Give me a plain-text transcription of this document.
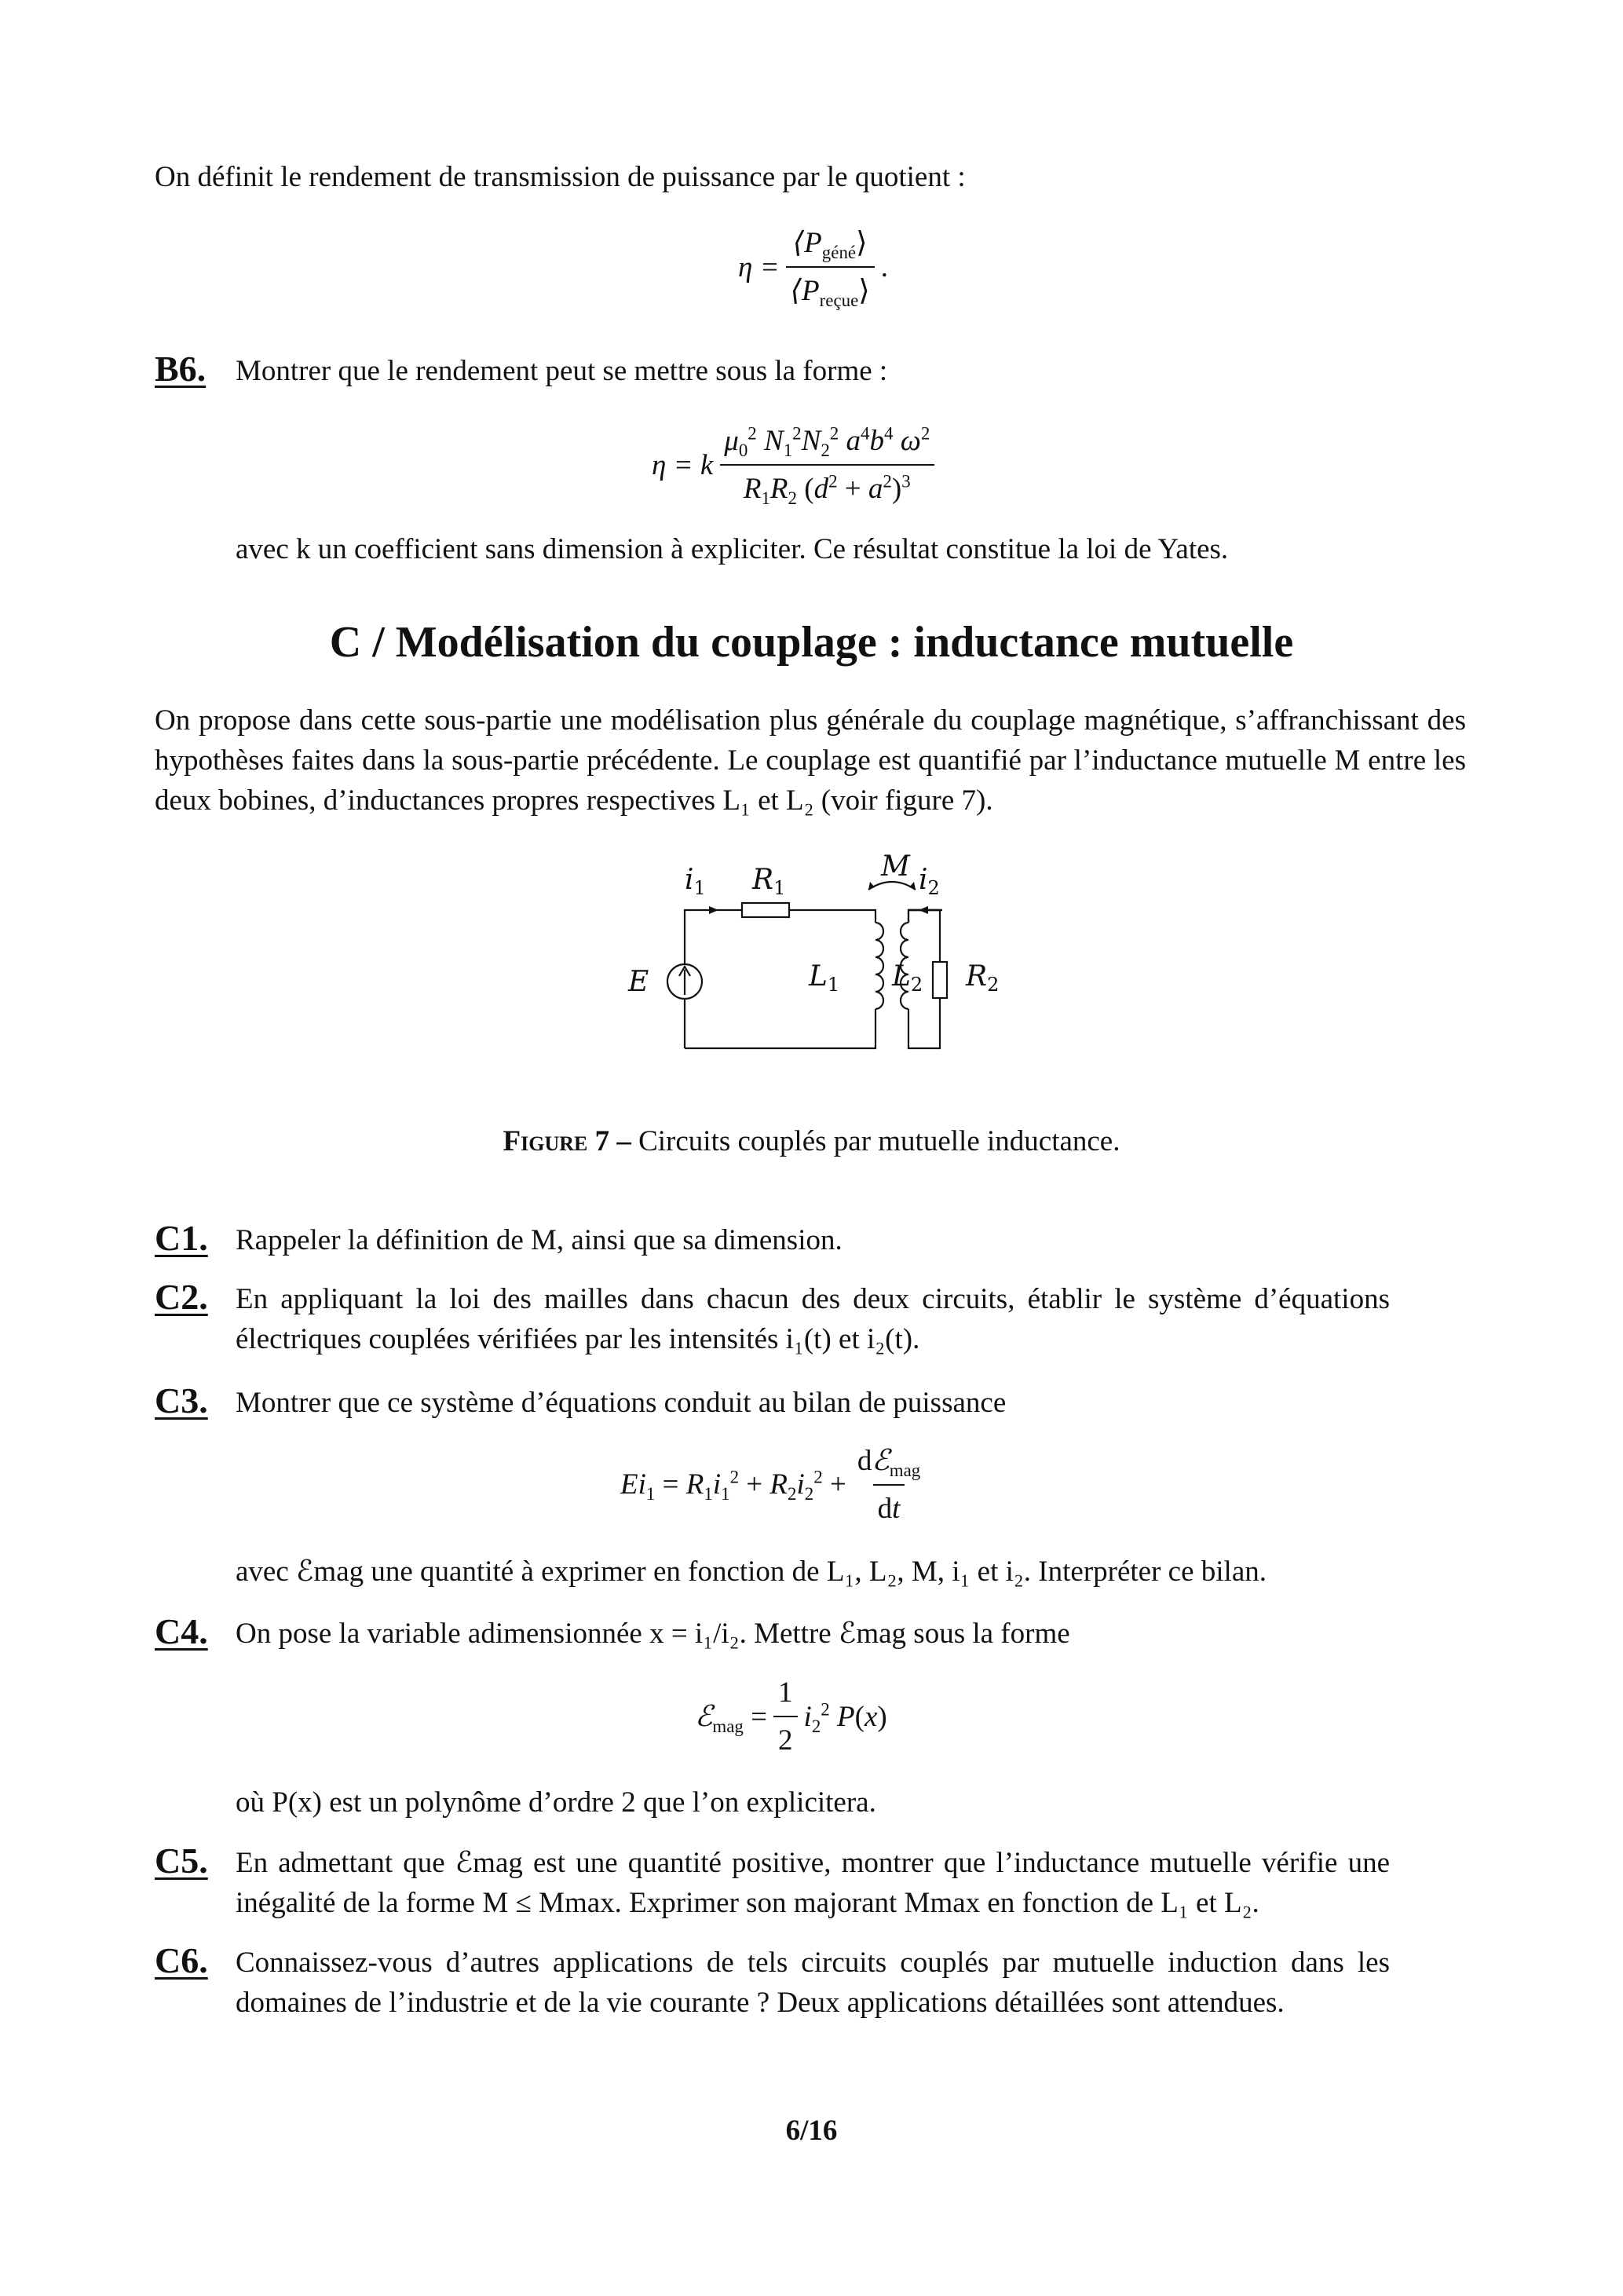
On définit le rendement de transmission de puissance par le quotient :
$\eta = \frac{⟨P_{géné}⟩}{⟨P_{reçue}⟩}$ .
B6. Montrer que le rendement peut se mettre sous la forme :
η = k $\frac{\mu_0^2 N_1^2N_2^2 a^4b^4 \omega^2}{R_1R_2 (d^2 + a^2)^3}$
avec k un coefficient sans dimension à expliciter. Ce résultat constitue la loi de Yates.
C / Modélisation du couplage : inductance mutuelle
On propose dans cette sous-partie une modélisation plus générale du couplage magnétique, s’affranchissant des hypothèses faites dans la sous-partie précédente. Le couplage est quantifié par l’inductance mutuelle M entre les deux bobines, d’inductances propres respectives L₁ et L₂ (voir figure 7).
i1 R1
M i2
E	L1 L2 R2
Figure 7 – Circuits couplés par mutuelle inductance.
C1. Rappeler la définition de M, ainsi que sa dimension.
C2. En appliquant la loi des mailles dans chacun des deux circuits, établir le système d’équations électriques couplées vérifiées par les intensités i₁(t) et i₂(t).
C3. Montrer que ce système d’équations conduit au bilan de puissance
$Ei_1 = R_1i_1^2 + R_2i_2^2 + \frac{dℰ_{mag}}{dt}$
avec ℰmag une quantité à exprimer en fonction de L₁, L₂, M, i₁ et i₂. Interpréter ce bilan.
C4. On pose la variable adimensionnée x = i₁/i₂. Mettre ℰmag sous la forme
ℰ$_{mag}$ = $\frac{1}{2} i_2^2$ P(x)
où P(x) est un polynôme d’ordre 2 que l’on explicitera.
C5. En admettant que ℰmag est une quantité positive, montrer que l’inductance mutuelle vérifie une inégalité de la forme M ≤ Mmax. Exprimer son majorant Mmax en fonction de L₁ et L₂.
C6. Connaissez-vous d’autres applications de tels circuits couplés par mutuelle induction dans les domaines de l’industrie et de la vie courante ? Deux applications détaillées sont attendues.
6/16
